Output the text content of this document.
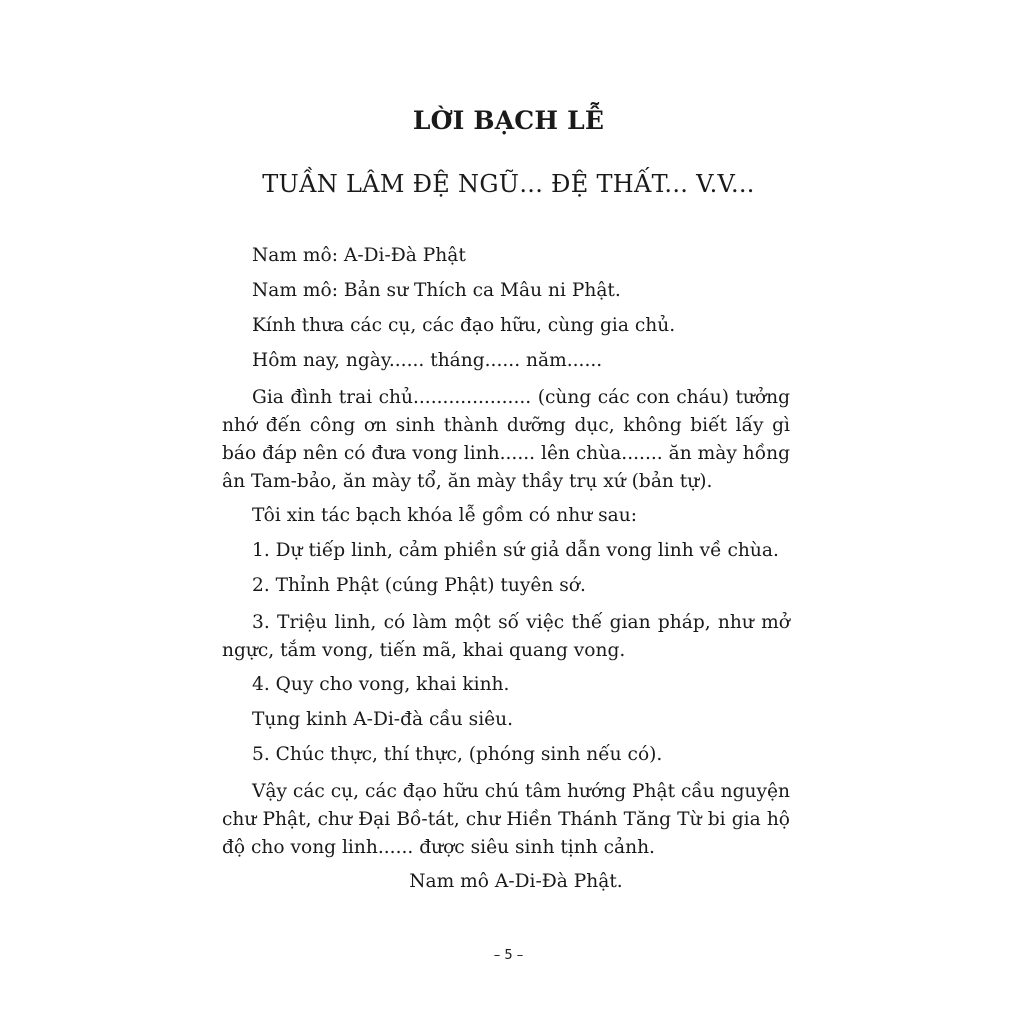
LỜI BẠCH LỄ
TUẦN LÂM ĐỆ NGŨ... ĐỆ THẤT... V.V...

Nam mô: A-Di-Đà Phật

Nam mô: Bản sư Thích ca Mâu ni Phật.

Kính thưa các cụ, các đạo hữu, cùng gia chủ.

Hôm nay, ngày...... tháng...... năm......

Gia đình trai chủ.................... (cùng các con cháu) tưởng nhớ đến công ơn sinh thành dưỡng dục, không biết lấy gì báo đáp nên có đưa vong linh...... lên chùa....... ăn mày hồng ân Tam-bảo, ăn mày tổ, ăn mày thầy trụ xứ (bản tự).

Tôi xin tác bạch khóa lễ gồm có như sau:

1. Dự tiếp linh, cảm phiền sứ giả dẫn vong linh về chùa.

2. Thỉnh Phật (cúng Phật) tuyên sớ.

3. Triệu linh, có làm một số việc thế gian pháp, như mở ngực, tắm vong, tiến mã, khai quang vong.

4. Quy cho vong, khai kinh.

Tụng kinh A-Di-đà cầu siêu.

5. Chúc thực, thí thực, (phóng sinh nếu có).

Vậy các cụ, các đạo hữu chú tâm hướng Phật cầu nguyện chư Phật, chư Đại Bồ-tát, chư Hiền Thánh Tăng Từ bi gia hộ độ cho vong linh...... được siêu sinh tịnh cảnh.

Nam mô A-Di-Đà Phật.

– 5 –
